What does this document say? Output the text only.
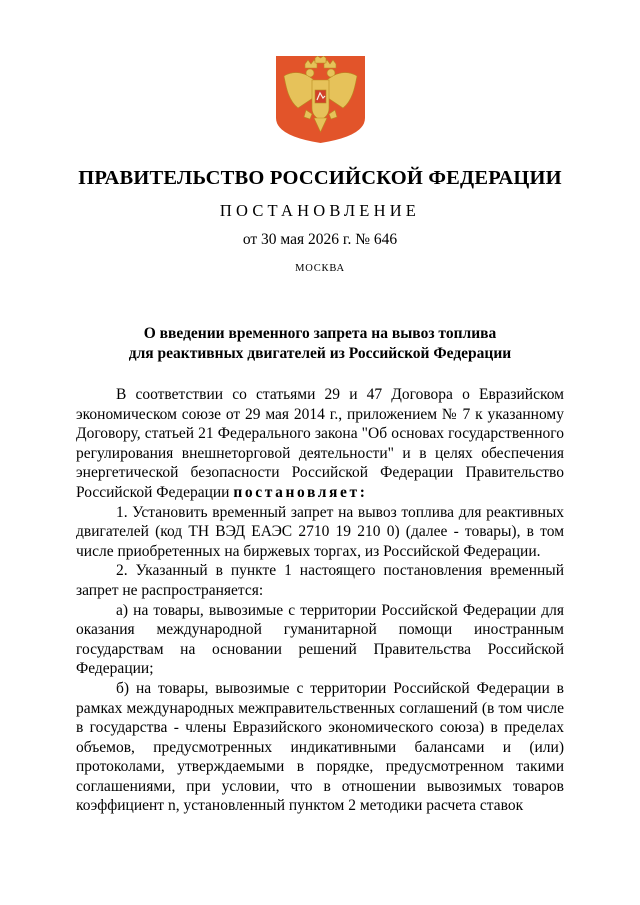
ПРАВИТЕЛЬСТВО РОССИЙСКОЙ ФЕДЕРАЦИИ
ПОСТАНОВЛЕНИЕ
от 30 мая 2026 г. № 646
МОСКВА
О введении временного запрета на вывоз топлива
для реактивных двигателей из Российской Федерации

В соответствии со статьями 29 и 47 Договора о Евразийском экономическом союзе от 29 мая 2014 г., приложением № 7 к указанному Договору, статьей 21 Федерального закона "Об основах государственного регулирования внешнеторговой деятельности" и в целях обеспечения энергетической безопасности Российской Федерации Правительство Российской Федерации постановляет:

1. Установить временный запрет на вывоз топлива для реактивных двигателей (код ТН ВЭД ЕАЭС 2710 19 210 0) (далее - товары), в том числе приобретенных на биржевых торгах, из Российской Федерации.

2. Указанный в пункте 1 настоящего постановления временный запрет не распространяется:

а) на товары, вывозимые с территории Российской Федерации для оказания международной гуманитарной помощи иностранным государствам на основании решений Правительства Российской Федерации;

б) на товары, вывозимые с территории Российской Федерации в рамках международных межправительственных соглашений (в том числе в государства - члены Евразийского экономического союза) в пределах объемов, предусмотренных индикативными балансами и (или) протоколами, утверждаемыми в порядке, предусмотренном такими соглашениями, при условии, что в отношении вывозимых товаров коэффициент n, установленный пунктом 2 методики расчета ставок
